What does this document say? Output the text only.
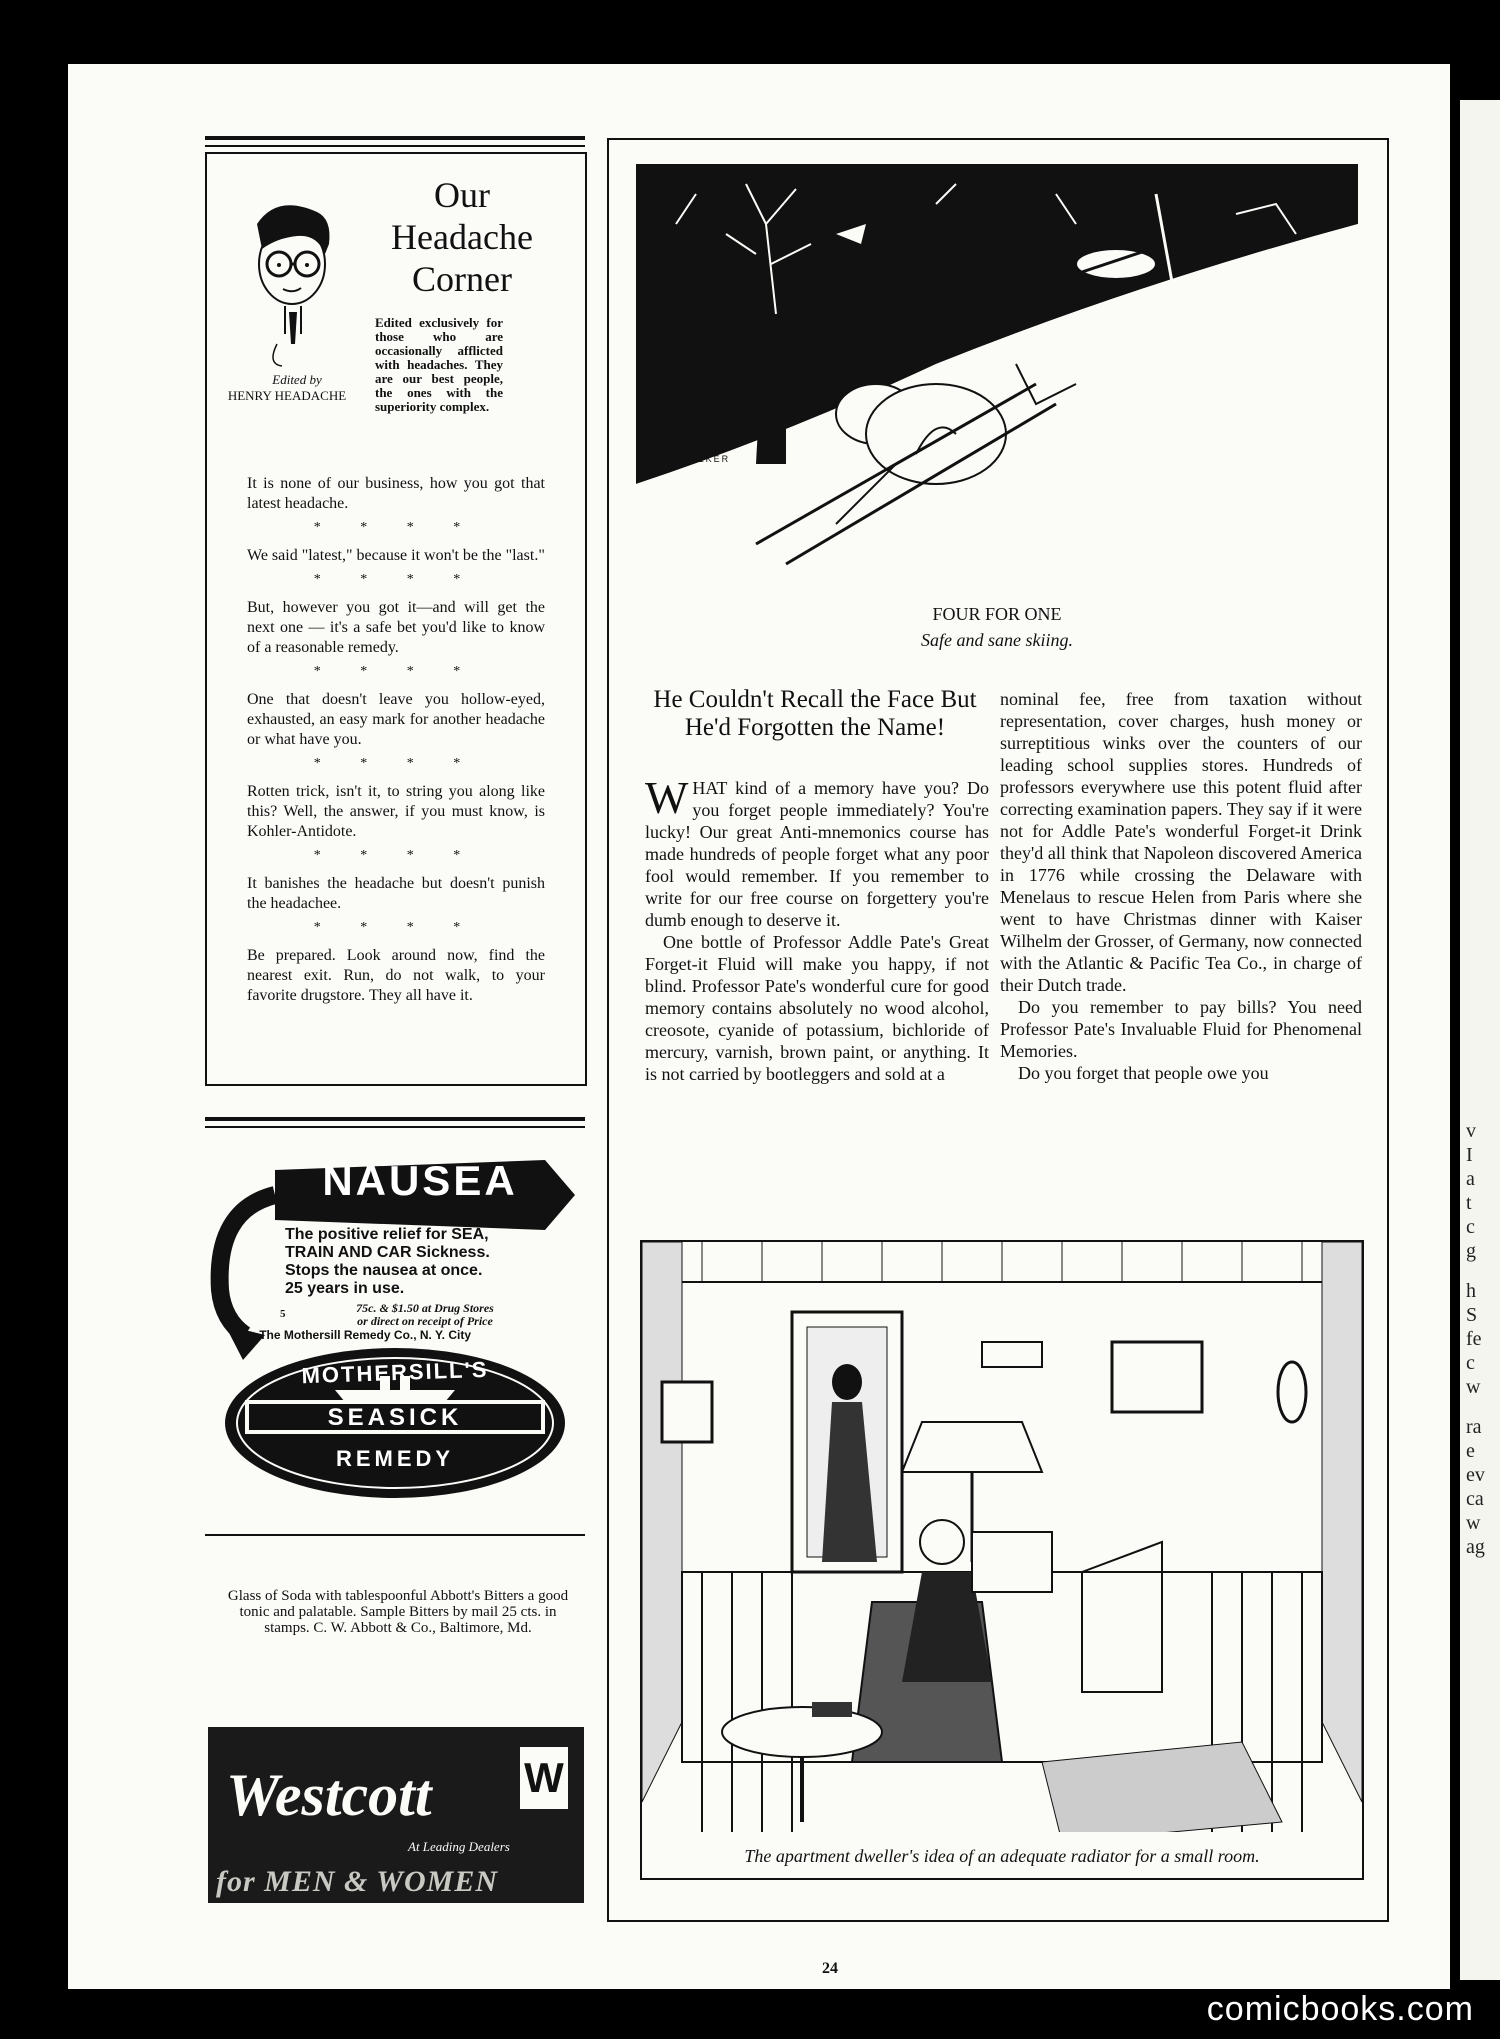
v
I
a
t
c
g
h
S
fe
c
w
ra
e
ev
ca
w
ag
Edited by
HENRY HEADACHE
Our
Headache
Corner
Edited exclusively for those who are occasionally afflicted with headaches. They are our best people, the ones with the superiority complex.
It is none of our business, how you got that latest headache.
* * * *
We said "latest," because it won't be the "last."
* * * *
But, however you got it—and will get the next one — it's a safe bet you'd like to know of a reasonable remedy.
* * * *
One that doesn't leave you hollow-eyed, exhausted, an easy mark for another headache or what have you.
* * * *
Rotten trick, isn't it, to string you along like this? Well, the answer, if you must know, is Kohler-Antidote.
* * * *
It banishes the headache but doesn't punish the headachee.
* * * *
Be prepared. Look around now, find the nearest exit. Run, do not walk, to your favorite drugstore. They all have it.
NAUSEA
The positive relief for SEA,
TRAIN AND CAR Sickness.
Stops the nausea at once.
25 years in use.
75c. & $1.50 at Drug Stores
or direct on receipt of Price
5
•The Mothersill Remedy Co., N. Y. City
MOTHERSILL'S
SEASICK
REMEDY
Glass of Soda with tablespoonful Abbott's Bitters a good tonic and palatable. Sample Bitters by mail 25 cts. in stamps. C. W. Abbott & Co., Baltimore, Md.
Westcott W
At Leading Dealers
for MEN & WOMEN
R.O.WALKER
FOUR FOR ONE
Safe and sane skiing.
He Couldn't Recall the Face But He'd Forgotten the Name!

WHAT kind of a memory have you? Do you forget people immediately? You're lucky! Our great Anti-mnemonics course has made hundreds of people forget what any poor fool would remember. If you remember to write for our free course on forgettery you're dumb enough to deserve it.

One bottle of Professor Addle Pate's Great Forget-it Fluid will make you happy, if not blind. Professor Pate's wonderful cure for good memory contains absolutely no wood alcohol, creosote, cyanide of potassium, bichloride of mercury, varnish, brown paint, or anything. It is not carried by bootleggers and sold at a

nominal fee, free from taxation without representation, cover charges, hush money or surreptitious winks over the counters of our leading school supplies stores. Hundreds of professors everywhere use this potent fluid after correcting examination papers. They say if it were not for Addle Pate's wonderful Forget-it Drink they'd all think that Napoleon discovered America in 1776 while crossing the Delaware with Menelaus to rescue Helen from Paris where she went to have Christmas dinner with Kaiser Wilhelm der Grosser, of Germany, now connected with the Atlantic & Pacific Tea Co., in charge of their Dutch trade.

Do you remember to pay bills? You need Professor Pate's Invaluable Fluid for Phenomenal Memories.

Do you forget that people owe you

The apartment dweller's idea of an adequate radiator for a small room.
24
comicbooks.com
